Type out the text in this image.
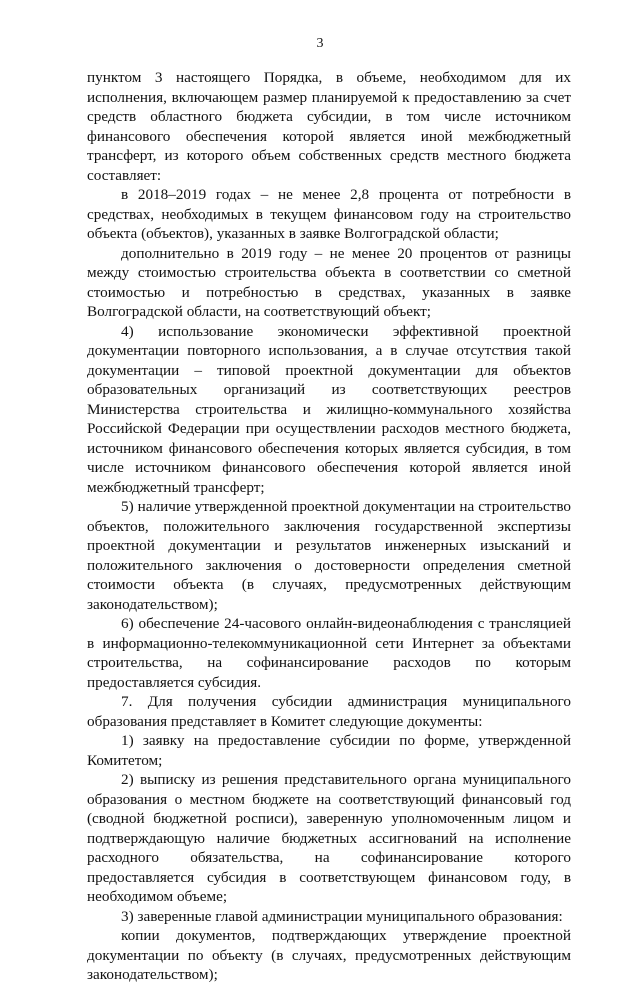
3

пунктом 3 настоящего Порядка, в объеме, необходимом для их исполнения, включающем размер планируемой к предоставлению за счет средств областного бюджета субсидии, в том числе источником финансового обеспечения которой является иной межбюджетный трансферт, из которого объем собственных средств местного бюджета составляет:

в 2018–2019 годах – не менее 2,8 процента от потребности в средствах, необходимых в текущем финансовом году на строительство объекта (объектов), указанных в заявке Волгоградской области;

дополнительно в 2019 году – не менее 20 процентов от разницы между стоимостью строительства объекта в соответствии со сметной стоимостью и потребностью в средствах, указанных в заявке Волгоградской области, на соответствующий объект;

4) использование экономически эффективной проектной документации повторного использования, а в случае отсутствия такой документации – типовой проектной документации для объектов образовательных организаций из соответствующих реестров Министерства строительства и жилищно-коммунального хозяйства Российской Федерации при осуществлении расходов местного бюджета, источником финансового обеспечения которых является субсидия, в том числе источником финансового обеспечения которой является иной межбюджетный трансферт;

5) наличие утвержденной проектной документации на строительство объектов, положительного заключения государственной экспертизы проектной документации и результатов инженерных изысканий и положительного заключения о достоверности определения сметной стоимости объекта (в случаях, предусмотренных действующим законодательством);

6) обеспечение 24-часового онлайн-видеонаблюдения с трансляцией в информационно-телекоммуникационной сети Интернет за объектами строительства, на софинансирование расходов по которым предоставляется субсидия.

7. Для получения субсидии администрация муниципального образования представляет в Комитет следующие документы:

1) заявку на предоставление субсидии по форме, утвержденной Комитетом;

2) выписку из решения представительного органа муниципального образования о местном бюджете на соответствующий финансовый год (сводной бюджетной росписи), заверенную уполномоченным лицом и подтверждающую наличие бюджетных ассигнований на исполнение расходного обязательства, на софинансирование которого предоставляется субсидия в соответствующем финансовом году, в необходимом объеме;

3) заверенные главой администрации муниципального образования:

копии документов, подтверждающих утверждение проектной документации по объекту (в случаях, предусмотренных действующим законодательством);
